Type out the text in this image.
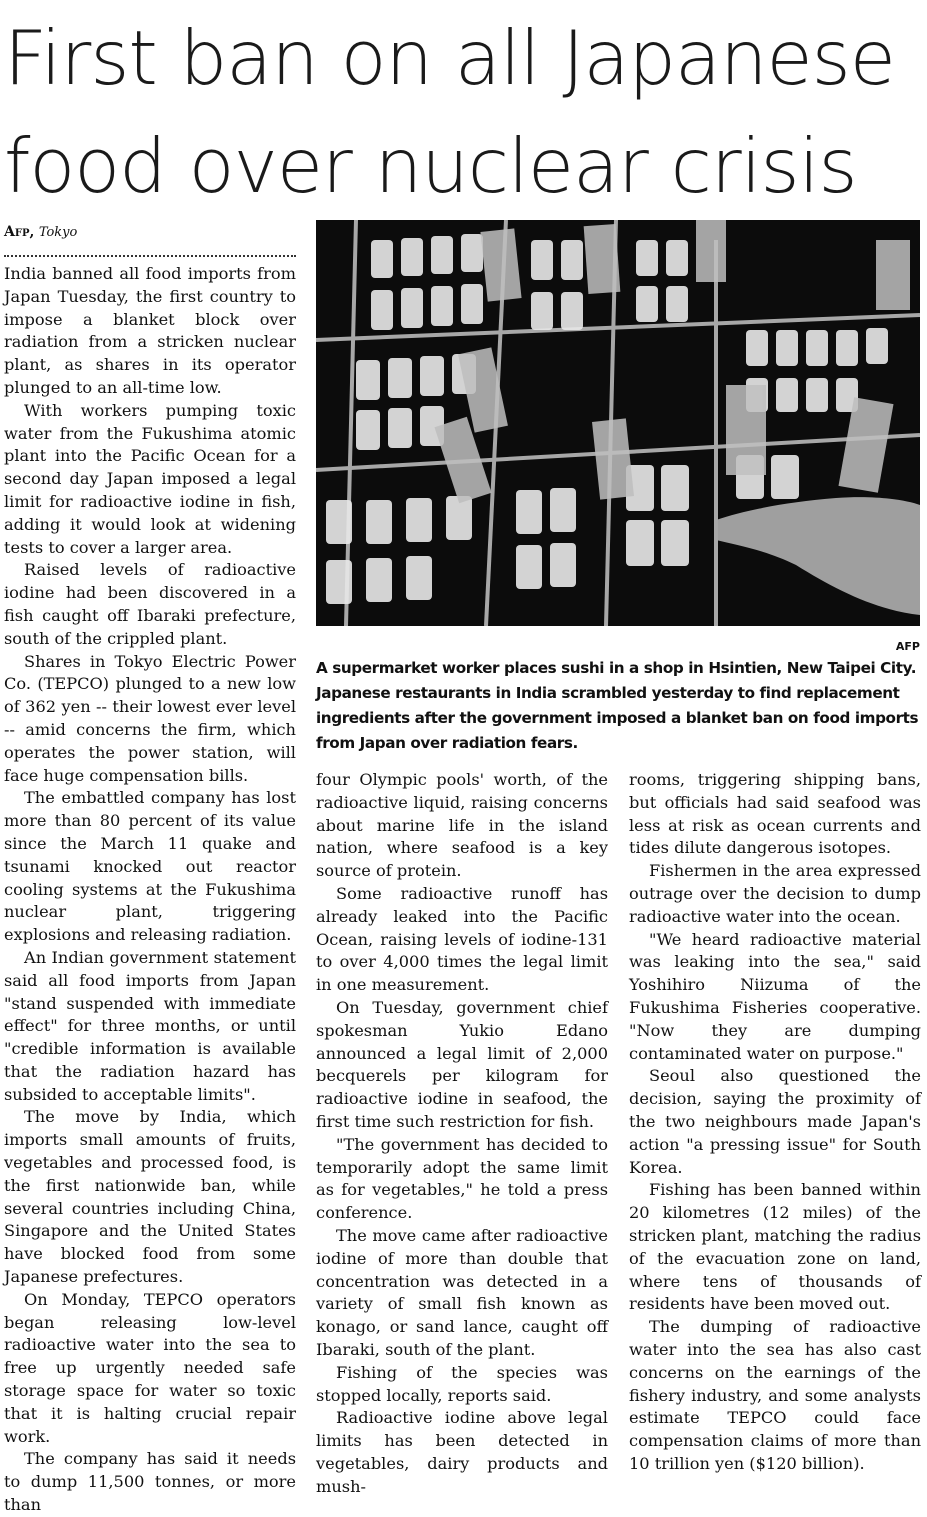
First ban on all Japanese
food over nuclear crisis
Afp, Tokyo

India banned all food imports from Japan Tuesday, the first country to impose a blanket block over radiation from a stricken nuclear plant, as shares in its operator plunged to an all-time low.

With workers pumping toxic water from the Fukushima atomic plant into the Pacific Ocean for a second day Japan imposed a legal limit for radioactive iodine in fish, adding it would look at widening tests to cover a larger area.

Raised levels of radioactive iodine had been discovered in a fish caught off Ibaraki prefecture, south of the crippled plant.

Shares in Tokyo Electric Power Co. (TEPCO) plunged to a new low of 362 yen -- their lowest ever level -- amid concerns the firm, which operates the power station, will face huge compensation bills.

The embattled company has lost more than 80 percent of its value since the March 11 quake and tsunami knocked out reactor cooling systems at the Fukushima nuclear plant, triggering explosions and releasing radiation.

An Indian government statement said all food imports from Japan "stand suspended with immediate effect" for three months, or until "credible information is available that the radiation hazard has subsided to acceptable limits".

The move by India, which imports small amounts of fruits, vegetables and processed food, is the first nationwide ban, while several countries including China, Singapore and the United States have blocked food from some Japanese prefectures.

On Monday, TEPCO operators began releasing low-level radioactive water into the sea to free up urgently needed safe storage space for water so toxic that it is halting crucial repair work.

The company has said it needs to dump 11,500 tonnes, or more than

AFP

A supermarket worker places sushi in a shop in Hsintien, New Taipei City. Japanese restaurants in India scrambled yesterday to find replacement ingredients after the government imposed a blanket ban on food imports from Japan over radiation fears.

four Olympic pools' worth, of the radioactive liquid, raising concerns about marine life in the island nation, where seafood is a key source of protein.

Some radioactive runoff has already leaked into the Pacific Ocean, raising levels of iodine-131 to over 4,000 times the legal limit in one measurement.

On Tuesday, government chief spokesman Yukio Edano announced a legal limit of 2,000 becquerels per kilogram for radioactive iodine in seafood, the first time such restriction for fish.

"The government has decided to temporarily adopt the same limit as for vegetables," he told a press conference.

The move came after radioactive iodine of more than double that concentration was detected in a variety of small fish known as konago, or sand lance, caught off Ibaraki, south of the plant.

Fishing of the species was stopped locally, reports said.

Radioactive iodine above legal limits has been detected in vegetables, dairy products and mush-

rooms, triggering shipping bans, but officials had said seafood was less at risk as ocean currents and tides dilute dangerous isotopes.

Fishermen in the area expressed outrage over the decision to dump radioactive water into the ocean.

"We heard radioactive material was leaking into the sea," said Yoshihiro Niizuma of the Fukushima Fisheries cooperative. "Now they are dumping contaminated water on purpose."

Seoul also questioned the decision, saying the proximity of the two neighbours made Japan's action "a pressing issue" for South Korea.

Fishing has been banned within 20 kilometres (12 miles) of the stricken plant, matching the radius of the evacuation zone on land, where tens of thousands of residents have been moved out.

The dumping of radioactive water into the sea has also cast concerns on the earnings of the fishery industry, and some analysts estimate TEPCO could face compensation claims of more than 10 trillion yen ($120 billion).
